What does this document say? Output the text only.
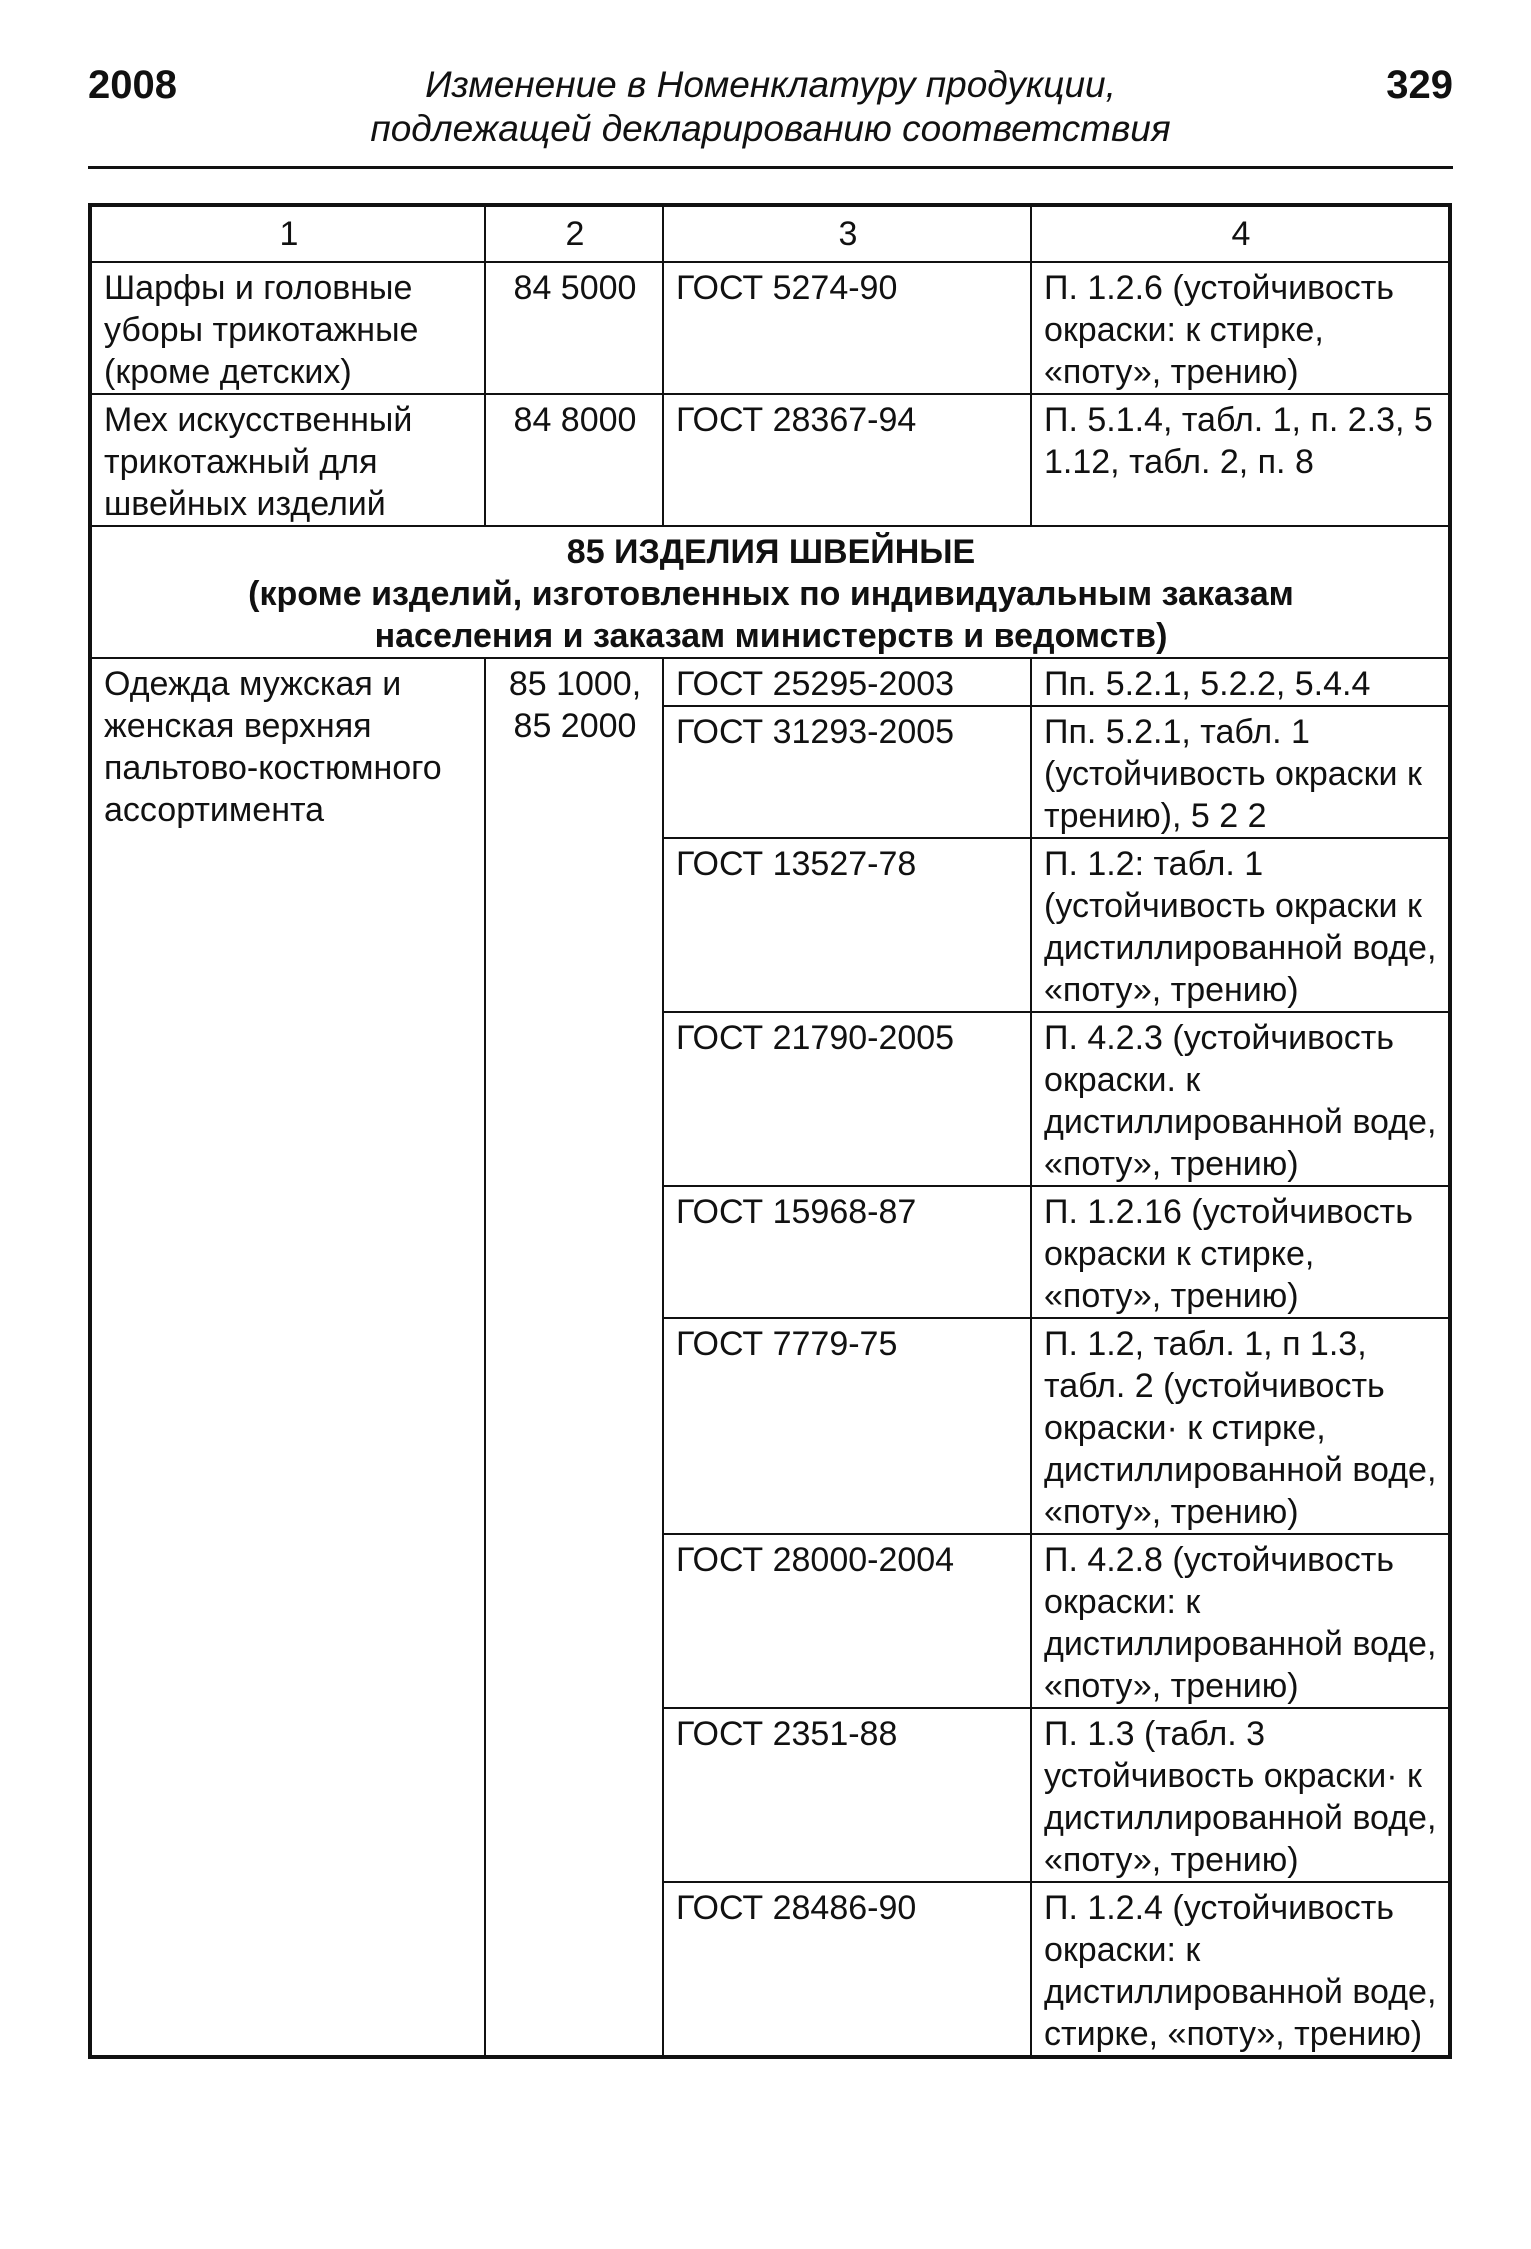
2008	Изменение в Номенклатуру продукции,
подлежащей декларированию соответствия
329
1	2	3	4
Шарфы и головные уборы трикотажные (кроме детских)	84 5000	ГОСТ 5274-90	П. 1.2.6 (устойчивость окраски: к стирке, «поту», трению)
Мех искусственный трикотажный для швейных изделий	84 8000	ГОСТ 28367-94	П. 5.1.4, табл. 1, п. 2.3, 5 1.12, табл. 2, п. 8

85 ИЗДЕЛИЯ ШВЕЙНЫЕ
(кроме изделий, изготовленных по индивидуальным заказам
населения и заказам министерств и ведомств)			

Одежда мужская и женская верхняя пальтово-костюмного ассортимента	85 1000, 85 2000	ГОСТ 25295-2003	Пп. 5.2.1, 5.2.2, 5.4.4
		ГОСТ 31293-2005	Пп. 5.2.1, табл. 1 (устойчивость окраски к трению), 5 2 2
		ГОСТ 13527-78	П. 1.2: табл. 1 (устойчивость окраски к дистиллированной воде, «поту», трению)
		ГОСТ 21790-2005	П. 4.2.3 (устойчивость окраски. к дистиллированной воде, «поту», трению)
		ГОСТ 15968-87	П. 1.2.16 (устойчивость окраски к стирке, «поту», трению)
		ГОСТ 7779-75	П. 1.2, табл. 1, п 1.3, табл. 2 (устойчивость окраски· к стирке, дистиллированной воде, «поту», трению)
		ГОСТ 28000-2004	П. 4.2.8 (устойчивость окраски: к дистиллированной воде, «поту», трению)
		ГОСТ 2351-88	П. 1.3 (табл. 3 устойчивость окраски· к дистиллированной воде, «поту», трению)
		ГОСТ 28486-90	П. 1.2.4 (устойчивость окраски: к дистиллированной воде, стирке, «поту», трению)
